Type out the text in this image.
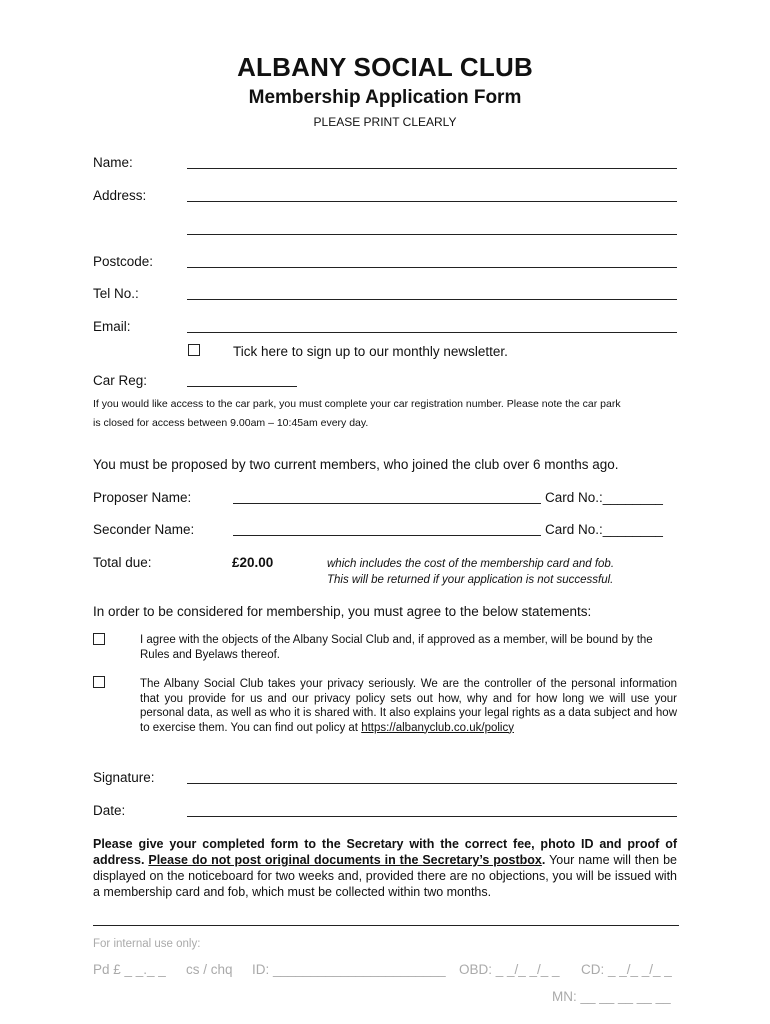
ALBANY SOCIAL CLUB
Membership Application Form
PLEASE PRINT CLEARLY
Name:
Address:
Postcode:
Tel No.:
Email:
Tick here to sign up to our monthly newsletter.
Car Reg:
If you would like access to the car park, you must complete your car registration number. Please note the car park
is closed for access between 9.00am – 10:45am every day.
You must be proposed by two current members, who joined the club over 6 months ago.
Proposer Name:	Card No.:________
Seconder Name:	Card No.:________
Total due:	£20.00	which includes the cost of the membership card and fob.
This will be returned if your application is not successful.
In order to be considered for membership, you must agree to the below statements:
I agree with the objects of the Albany Social Club and, if approved as a member, will be bound by the Rules and Byelaws thereof.
The Albany Social Club takes your privacy seriously. We are the controller of the personal information that you provide for us and our privacy policy sets out how, why and for how long we will use your personal data, as well as who it is shared with. It also explains your legal rights as a data subject and how to exercise them. You can find out policy at https://albanyclub.co.uk/policy
Signature:
Date:
Please give your completed form to the Secretary with the correct fee, photo ID and proof of address. Please do not post original documents in the Secretary’s postbox. Your name will then be displayed on the noticeboard for two weeks and, provided there are no objections, you will be issued with a membership card and fob, which must be collected within two months.
For internal use only:
Pd £ _ _._ _ cs / chq ID: _______________________ OBD: _ _/_ _/_ _ CD: _ _/_ _/_ _
MN: __ __ __ __ __
